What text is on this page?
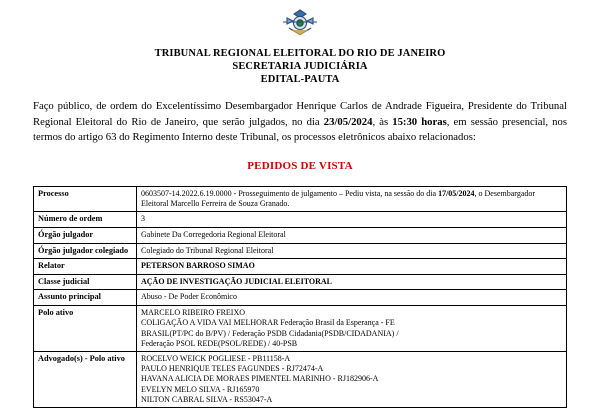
TRIBUNAL REGIONAL ELEITORAL DO RIO DE JANEIRO
SECRETARIA JUDICIÁRIA
EDITAL-PAUTA

Faço público, de ordem do Excelentíssimo Desembargador Henrique Carlos de Andrade Figueira, Presidente do Tribunal Regional Eleitoral do Rio de Janeiro, que serão julgados, no dia 23/05/2024, às 15:30 horas, em sessão presencial, nos termos do artigo 63 do Regimento Interno deste Tribunal, os processos eletrônicos abaixo relacionados:

PEDIDOS DE VISTA
Processo	0603507-14.2022.6.19.0000 - Prosseguimento de julgamento – Pediu vista, na sessão do dia 17/05/2024, o Desembargador Eleitoral Marcello Ferreira de Souza Granado.
Número de ordem	3
Órgão julgador	Gabinete Da Corregedoria Regional Eleitoral
Órgão julgador colegiado	Colegiado do Tribunal Regional Eleitoral
Relator	PETERSON BARROSO SIMAO
Classe judicial	AÇÃO DE INVESTIGAÇÃO JUDICIAL ELEITORAL
Assunto principal	Abuso - De Poder Econômico
Polo ativo	MARCELO RIBEIRO FREIXO
COLIGAÇÃO A VIDA VAI MELHORAR Federação Brasil da Esperança - FE
BRASIL(PT/PC do B/PV) / Federação PSDB Cidadania(PSDB/CIDADANIA) /
Federação PSOL REDE(PSOL/REDE) / 40-PSB

Advogado(s) - Polo ativo	ROCELVO WEICK POGLIESE - PB11158-A
PAULO HENRIQUE TELES FAGUNDES - RJ72474-A
HAVANA ALICIA DE MORAES PIMENTEL MARINHO - RJ182906-A
EVELYN MELO SILVA - RJ165970
NILTON CABRAL SILVA - RS53047-A
